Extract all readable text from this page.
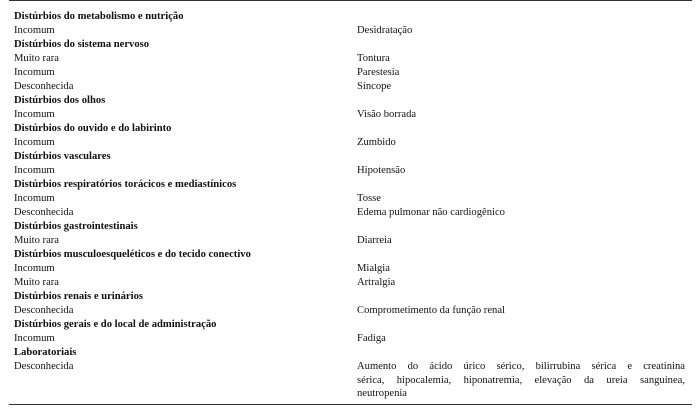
Distúrbios do metabolismo e nutrição
Incomum	Desidratação
Distúrbios do sistema nervoso
Muito rara	Tontura
Incomum	Parestesia
Desconhecida	Síncope
Distúrbios dos olhos
Incomum	Visão borrada
Distúrbios do ouvido e do labirinto
Incomum	Zumbido
Distúrbios vasculares
Incomum	Hipotensão
Distúrbios respiratórios torácicos e mediastínicos
Incomum	Tosse
Desconhecida	Edema pulmonar não cardiogênico
Distúrbios gastrointestinais
Muito rara	Diarreia
Distúrbios musculoesqueléticos e do tecido conectivo
Incomum	Mialgia
Muito rara	Artralgia
Distúrbios renais e urinários
Desconhecida	Comprometimento da função renal
Distúrbios gerais e do local de administração
Incomum	Fadiga
Laboratoriais
Desconhecida	Aumento do ácido úrico sérico, bilirrubina sérica e creatinina
sérica, hipocalemia, hiponatremia, elevação da ureia sanguínea,
neutropenia
